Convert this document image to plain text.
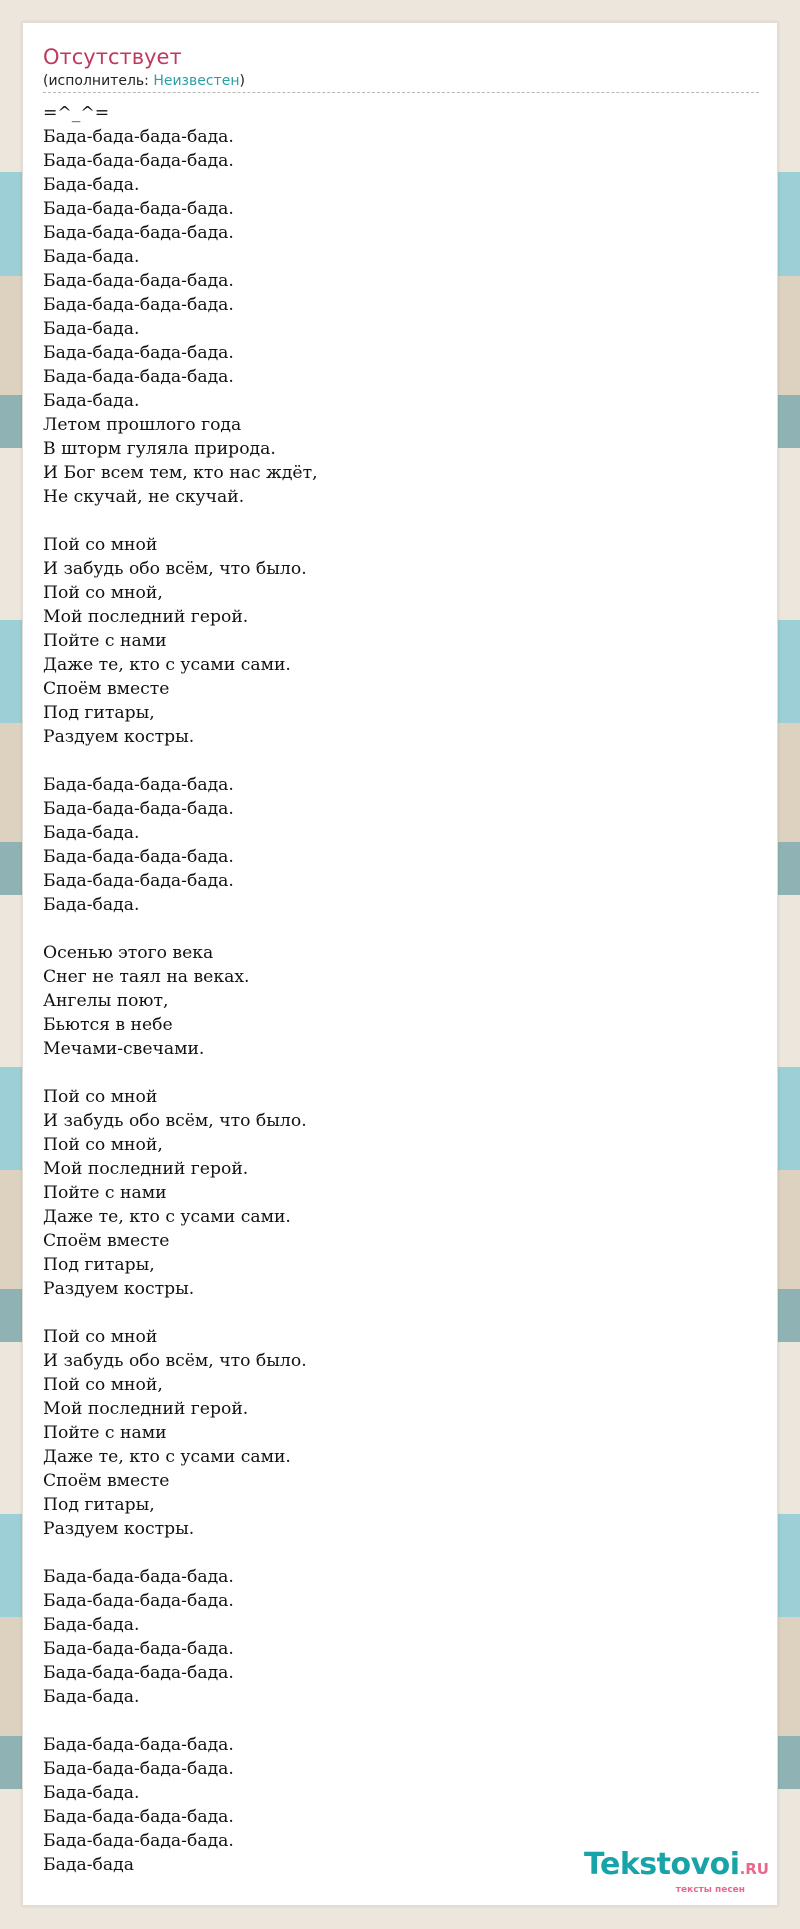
Отсутствует
(исполнитель: Неизвестен)
=^_^=
Бада-бада-бада-бада.
Бада-бада-бада-бада.
Бада-бада.
Бада-бада-бада-бада.
Бада-бада-бада-бада.
Бада-бада.
Бада-бада-бада-бада.
Бада-бада-бада-бада.
Бада-бада.
Бада-бада-бада-бада.
Бада-бада-бада-бада.
Бада-бада.
Летом прошлого года
В шторм гуляла природа.
И Бог всем тем, кто нас ждёт,
Не скучай, не скучай.

Пой со мной
И забудь обо всём, что было.
Пой со мной,
Мой последний герой.
Пойте с нами
Даже те, кто с усами сами.
Споём вместе
Под гитары,
Раздуем костры.

Бада-бада-бада-бада.
Бада-бада-бада-бада.
Бада-бада.
Бада-бада-бада-бада.
Бада-бада-бада-бада.
Бада-бада.

Осенью этого века
Снег не таял на веках.
Ангелы поют,
Бьются в небе
Мечами-свечами.

Пой со мной
И забудь обо всём, что было.
Пой со мной,
Мой последний герой.
Пойте с нами
Даже те, кто с усами сами.
Споём вместе
Под гитары,
Раздуем костры.

Пой со мной
И забудь обо всём, что было.
Пой со мной,
Мой последний герой.
Пойте с нами
Даже те, кто с усами сами.
Споём вместе
Под гитары,
Раздуем костры.

Бада-бада-бада-бада.
Бада-бада-бада-бада.
Бада-бада.
Бада-бада-бада-бада.
Бада-бада-бада-бада.
Бада-бада.

Бада-бада-бада-бада.
Бада-бада-бада-бада.
Бада-бада.
Бада-бада-бада-бада.
Бада-бада-бада-бада.
Бада-бада	Tekstovoi.RU
тексты песен
